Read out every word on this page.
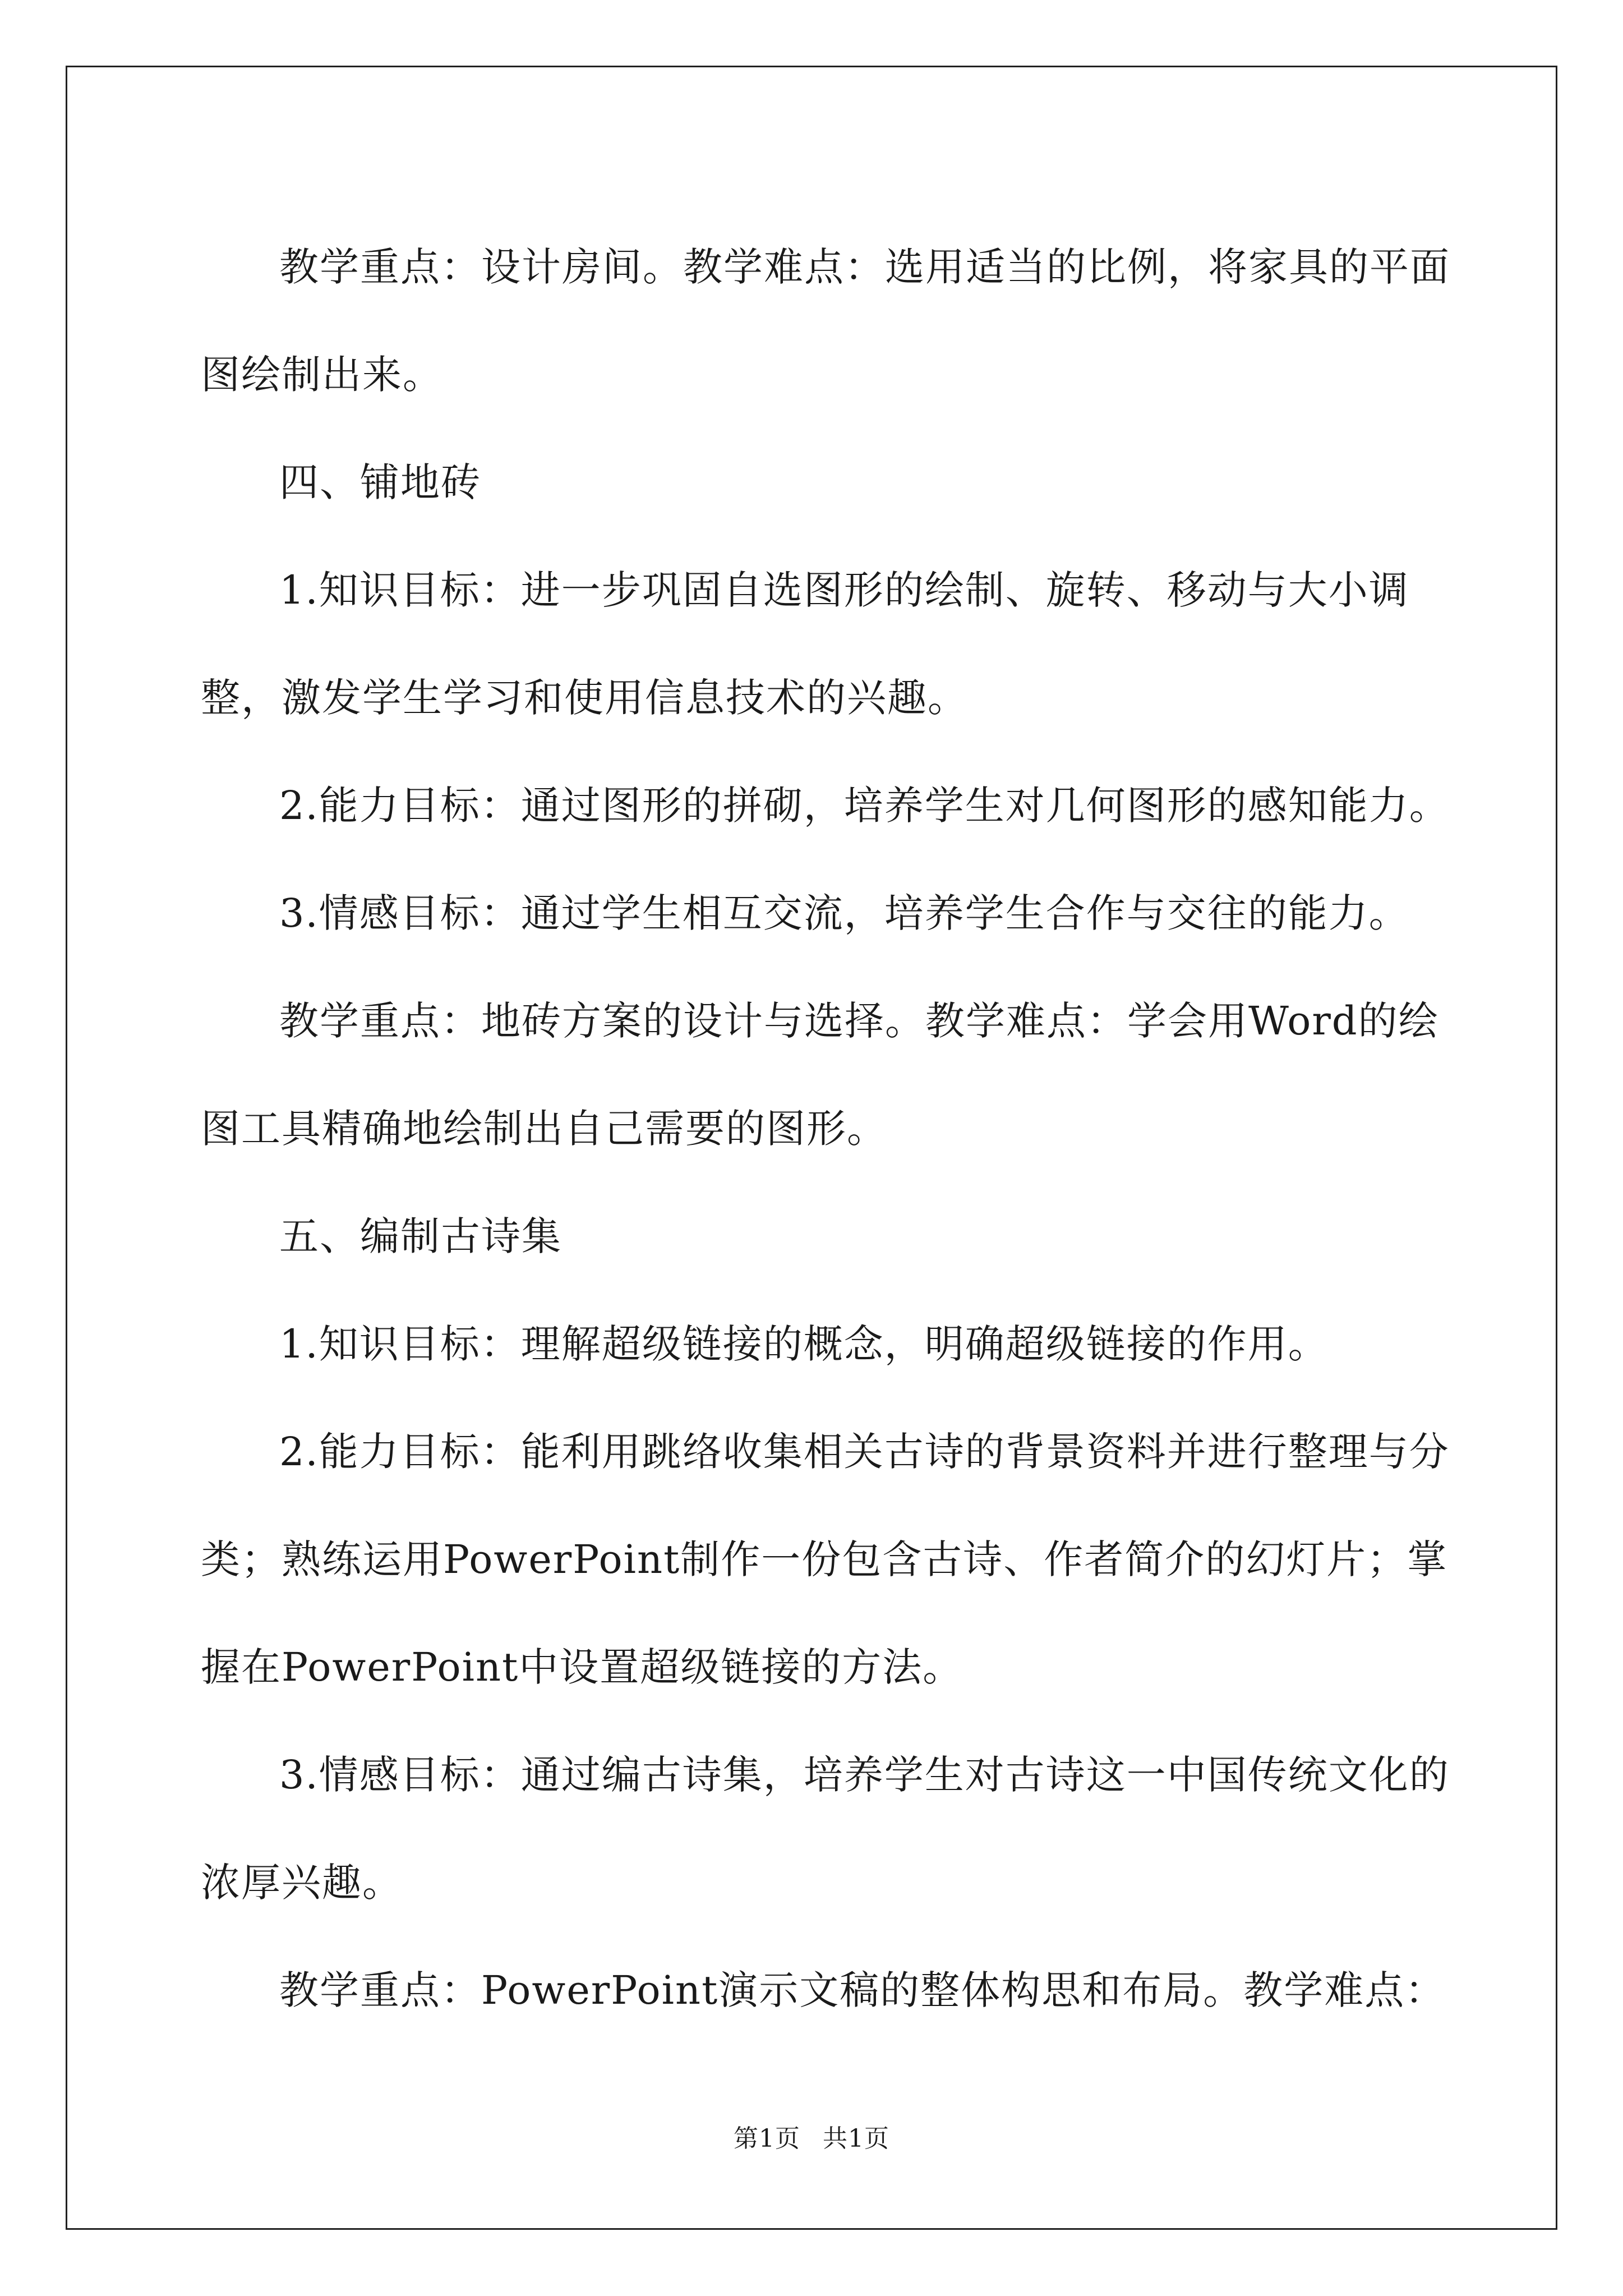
教学重点：设计房间。教学难点：选用适当的比例，将家具的平面图绘制出来。

四、铺地砖

1.知识目标：进一步巩固自选图形的绘制、旋转、移动与大小调整，激发学生学习和使用信息技术的兴趣。

2.能力目标：通过图形的拼砌，培养学生对几何图形的感知能力。

3.情感目标：通过学生相互交流，培养学生合作与交往的能力。

教学重点：地砖方案的设计与选择。教学难点：学会用Word的绘图工具精确地绘制出自己需要的图形。

五、编制古诗集

1.知识目标：理解超级链接的概念，明确超级链接的作用。

2.能力目标：能利用跳络收集相关古诗的背景资料并进行整理与分类；熟练运用PowerPoint制作一份包含古诗、作者简介的幻灯片；掌握在PowerPoint中设置超级链接的方法。

3.情感目标：通过编古诗集，培养学生对古诗这一中国传统文化的浓厚兴趣。

教学重点：PowerPoint演示文稿的整体构思和布局。教学难点：

第1页 共1页
